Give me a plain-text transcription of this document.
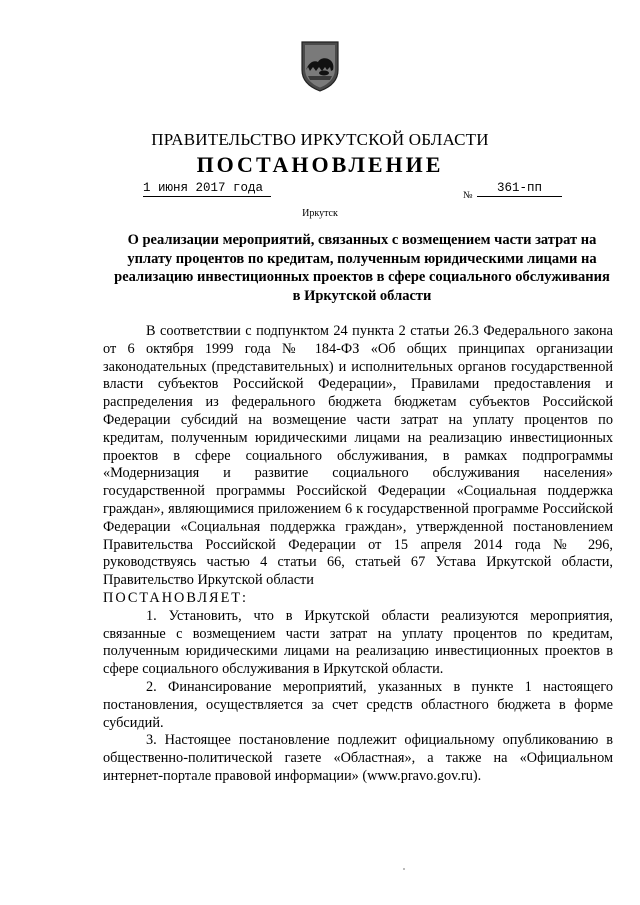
ПРАВИТЕЛЬСТВО ИРКУТСКОЙ ОБЛАСТИ
ПОСТАНОВЛЕНИЕ
1 июня 2017 года
№
361-пп
Иркутск
О реализации мероприятий, связанных с возмещением части затрат на уплату процентов по кредитам, полученным юридическими лицами на реализацию инвестиционных проектов в сфере социального обслуживания в Иркутской области

В соответствии с подпунктом 24 пункта 2 статьи 26.3 Федерального закона от 6 октября 1999 года № 184-ФЗ «Об общих принципах организации законодательных (представительных) и исполнительных органов государственной власти субъектов Российской Федерации», Правилами предоставления и распределения из федерального бюджета бюджетам субъектов Российской Федерации субсидий на возмещение части затрат на уплату процентов по кредитам, полученным юридическими лицами на реализацию инвестиционных проектов в сфере социального обслуживания, в рамках подпрограммы «Модернизация и развитие социального обслуживания населения» государственной программы Российской Федерации «Социальная поддержка граждан», являющимися приложением 6 к государственной программе Российской Федерации «Социальная поддержка граждан», утвержденной постановлением Правительства Российской Федерации от 15 апреля 2014 года № 296, руководствуясь частью 4 статьи 66, статьей 67 Устава Иркутской области, Правительство Иркутской области

ПОСТАНОВЛЯЕТ:

1. Установить, что в Иркутской области реализуются мероприятия, связанные с возмещением части затрат на уплату процентов по кредитам, полученным юридическими лицами на реализацию инвестиционных проектов в сфере социального обслуживания в Иркутской области.

2. Финансирование мероприятий, указанных в пункте 1 настоящего постановления, осуществляется за счет средств областного бюджета в форме субсидий.

3. Настоящее постановление подлежит официальному опубликованию в общественно-политической газете «Областная», а также на «Официальном интернет-портале правовой информации» (www.pravo.gov.ru).
